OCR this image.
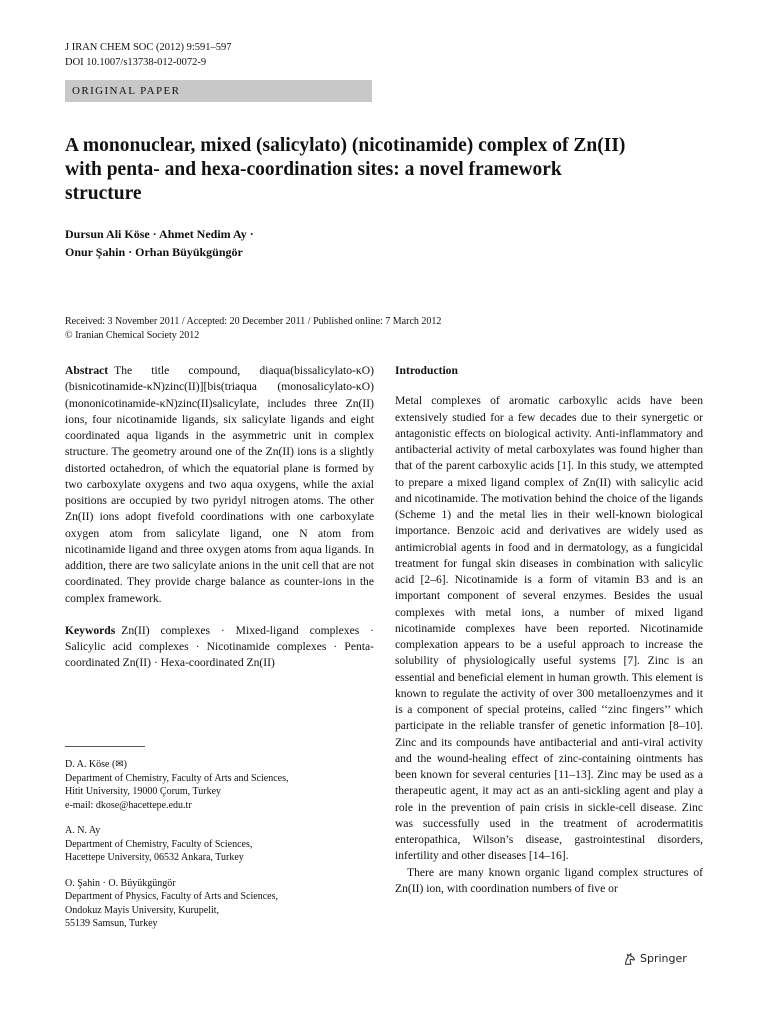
J IRAN CHEM SOC (2012) 9:591–597
DOI 10.1007/s13738-012-0072-9
ORIGINAL PAPER
A mononuclear, mixed (salicylato) (nicotinamide) complex of Zn(II) with penta- and hexa-coordination sites: a novel framework structure
Dursun Ali Köse · Ahmet Nedim Ay ·
Onur Şahin · Orhan Büyükgüngör
Received: 3 November 2011 / Accepted: 20 December 2011 / Published online: 7 March 2012
© Iranian Chemical Society 2012

Abstract The title compound, diaqua(bissalicylato-κO) (bisnicotinamide-κN)zinc(II)][bis(triaqua (monosalicylato-κO) (mononicotinamide-κN)zinc(II)salicylate, includes three Zn(II) ions, four nicotinamide ligands, six salicylate ligands and eight coordinated aqua ligands in the asymmetric unit in complex structure. The geometry around one of the Zn(II) ions is a slightly distorted octahedron, of which the equatorial plane is formed by two carboxylate oxygens and two aqua oxygens, while the axial positions are occupied by two pyridyl nitrogen atoms. The other Zn(II) ions adopt fivefold coordinations with one carboxylate oxygen atom from salicylate ligand, one N atom from nicotinamide ligand and three oxygen atoms from aqua ligands. In addition, there are two salicylate anions in the unit cell that are not coordinated. They provide charge balance as counter-ions in the complex framework.

Keywords Zn(II) complexes · Mixed-ligand complexes · Salicylic acid complexes · Nicotinamide complexes · Penta-coordinated Zn(II) · Hexa-coordinated Zn(II)

D. A. Köse (✉)

Department of Chemistry, Faculty of Arts and Sciences,

Hitit University, 19000 Çorum, Turkey

e-mail: dkose@hacettepe.edu.tr

A. N. Ay

Department of Chemistry, Faculty of Sciences,

Hacettepe University, 06532 Ankara, Turkey

O. Şahin · O. Büyükgüngör

Department of Physics, Faculty of Arts and Sciences,

Ondokuz Mayis University, Kurupelit,

55139 Samsun, Turkey

Introduction

Metal complexes of aromatic carboxylic acids have been extensively studied for a few decades due to their synergetic or antagonistic effects on biological activity. Anti-inflammatory and antibacterial activity of metal carboxylates was found higher than that of the parent carboxylic acids [1]. In this study, we attempted to prepare a mixed ligand complex of Zn(II) with salicylic acid and nicotinamide. The motivation behind the choice of the ligands (Scheme 1) and the metal lies in their well-known biological importance. Benzoic acid and derivatives are widely used as antimicrobial agents in food and in dermatology, as a fungicidal treatment for fungal skin diseases in combination with salicylic acid [2–6]. Nicotinamide is a form of vitamin B3 and is an important component of several enzymes. Besides the usual complexes with metal ions, a number of mixed ligand nicotinamide complexes have been reported. Nicotinamide complexation appears to be a useful approach to increase the solubility of physiologically useful systems [7]. Zinc is an essential and beneficial element in human growth. This element is known to regulate the activity of over 300 metalloenzymes and it is a component of special proteins, called ‘‘zinc fingers’’ which participate in the reliable transfer of genetic information [8–10]. Zinc and its compounds have antibacterial and anti-viral activity and the wound-healing effect of zinc-containing ointments has been known for several centuries [11–13]. Zinc may be used as a therapeutic agent, it may act as an anti-sickling agent and play a role in the prevention of pain crisis in sickle-cell disease. Zinc was successfully used in the treatment of acrodermatitis enteropathica, Wilson’s disease, gastrointestinal disorders, infertility and other diseases [14–16].

There are many known organic ligand complex structures of Zn(II) ion, with coordination numbers of five or

Springer
